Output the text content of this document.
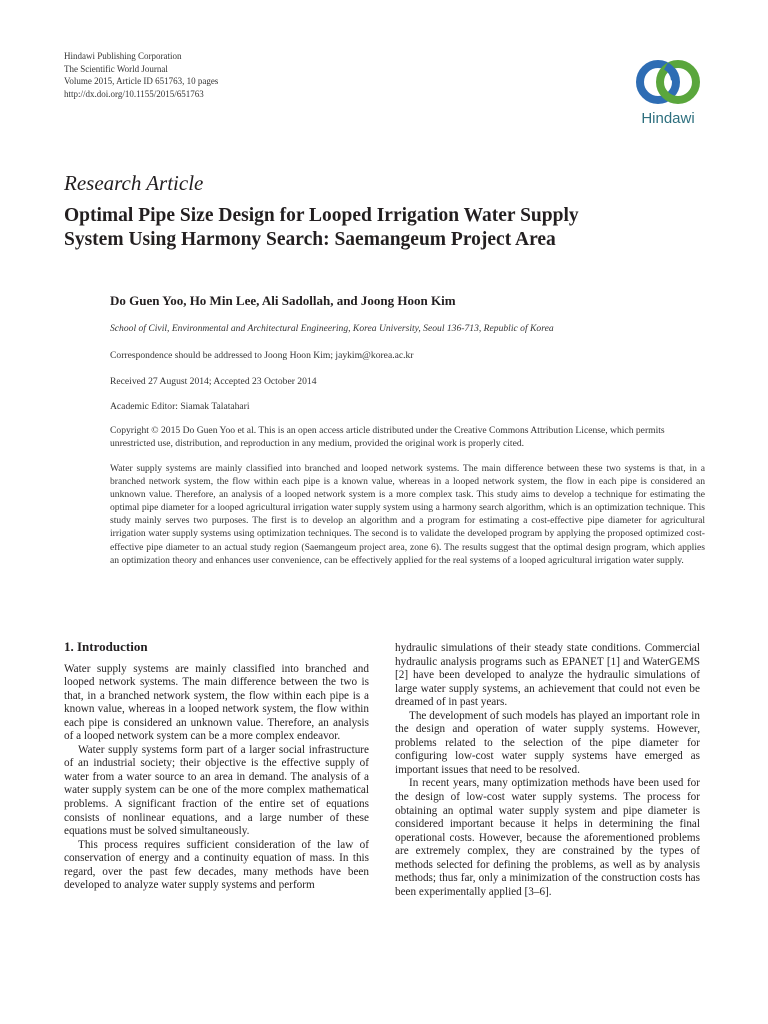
Hindawi Publishing Corporation
The Scientific World Journal
Volume 2015, Article ID 651763, 10 pages
http://dx.doi.org/10.1155/2015/651763
Hindawi
Research Article
Optimal Pipe Size Design for Looped Irrigation Water Supply
System Using Harmony Search: Saemangeum Project Area
Do Guen Yoo, Ho Min Lee, Ali Sadollah, and Joong Hoon Kim
School of Civil, Environmental and Architectural Engineering, Korea University, Seoul 136-713, Republic of Korea
Correspondence should be addressed to Joong Hoon Kim; jaykim@korea.ac.kr
Received 27 August 2014; Accepted 23 October 2014
Academic Editor: Siamak Talatahari
Copyright © 2015 Do Guen Yoo et al. This is an open access article distributed under the Creative Commons Attribution License, which permits unrestricted use, distribution, and reproduction in any medium, provided the original work is properly cited.
Water supply systems are mainly classified into branched and looped network systems. The main difference between these two systems is that, in a branched network system, the flow within each pipe is a known value, whereas in a looped network system, the flow in each pipe is considered an unknown value. Therefore, an analysis of a looped network system is a more complex task. This study aims to develop a technique for estimating the optimal pipe diameter for a looped agricultural irrigation water supply system using a harmony search algorithm, which is an optimization technique. This study mainly serves two purposes. The first is to develop an algorithm and a program for estimating a cost-effective pipe diameter for agricultural irrigation water supply systems using optimization techniques. The second is to validate the developed program by applying the proposed optimized cost-effective pipe diameter to an actual study region (Saemangeum project area, zone 6). The results suggest that the optimal design program, which applies an optimization theory and enhances user convenience, can be effectively applied for the real systems of a looped agricultural irrigation water supply.
1. Introduction

Water supply systems are mainly classified into branched and looped network systems. The main difference between the two is that, in a branched network system, the flow within each pipe is a known value, whereas in a looped network system, the flow within each pipe is considered an unknown value. Therefore, an analysis of a looped network system can be a more complex endeavor.

Water supply systems form part of a larger social infrastructure of an industrial society; their objective is the effective supply of water from a water source to an area in demand. The analysis of a water supply system can be one of the more complex mathematical problems. A significant fraction of the entire set of equations consists of nonlinear equations, and a large number of these equations must be solved simultaneously.

This process requires sufficient consideration of the law of conservation of energy and a continuity equation of mass. In this regard, over the past few decades, many methods have been developed to analyze water supply systems and perform

hydraulic simulations of their steady state conditions. Commercial hydraulic analysis programs such as EPANET [1] and WaterGEMS [2] have been developed to analyze the hydraulic simulations of large water supply systems, an achievement that could not even be dreamed of in past years.

The development of such models has played an important role in the design and operation of water supply systems. However, problems related to the selection of the pipe diameter for configuring low-cost water supply systems have emerged as important issues that need to be resolved.

In recent years, many optimization methods have been used for the design of low-cost water supply systems. The process for obtaining an optimal water supply system and pipe diameter is considered important because it helps in determining the final operational costs. However, because the aforementioned problems are extremely complex, they are constrained by the types of methods selected for defining the problems, as well as by analysis methods; thus far, only a minimization of the construction costs has been experimentally applied [3–6].
